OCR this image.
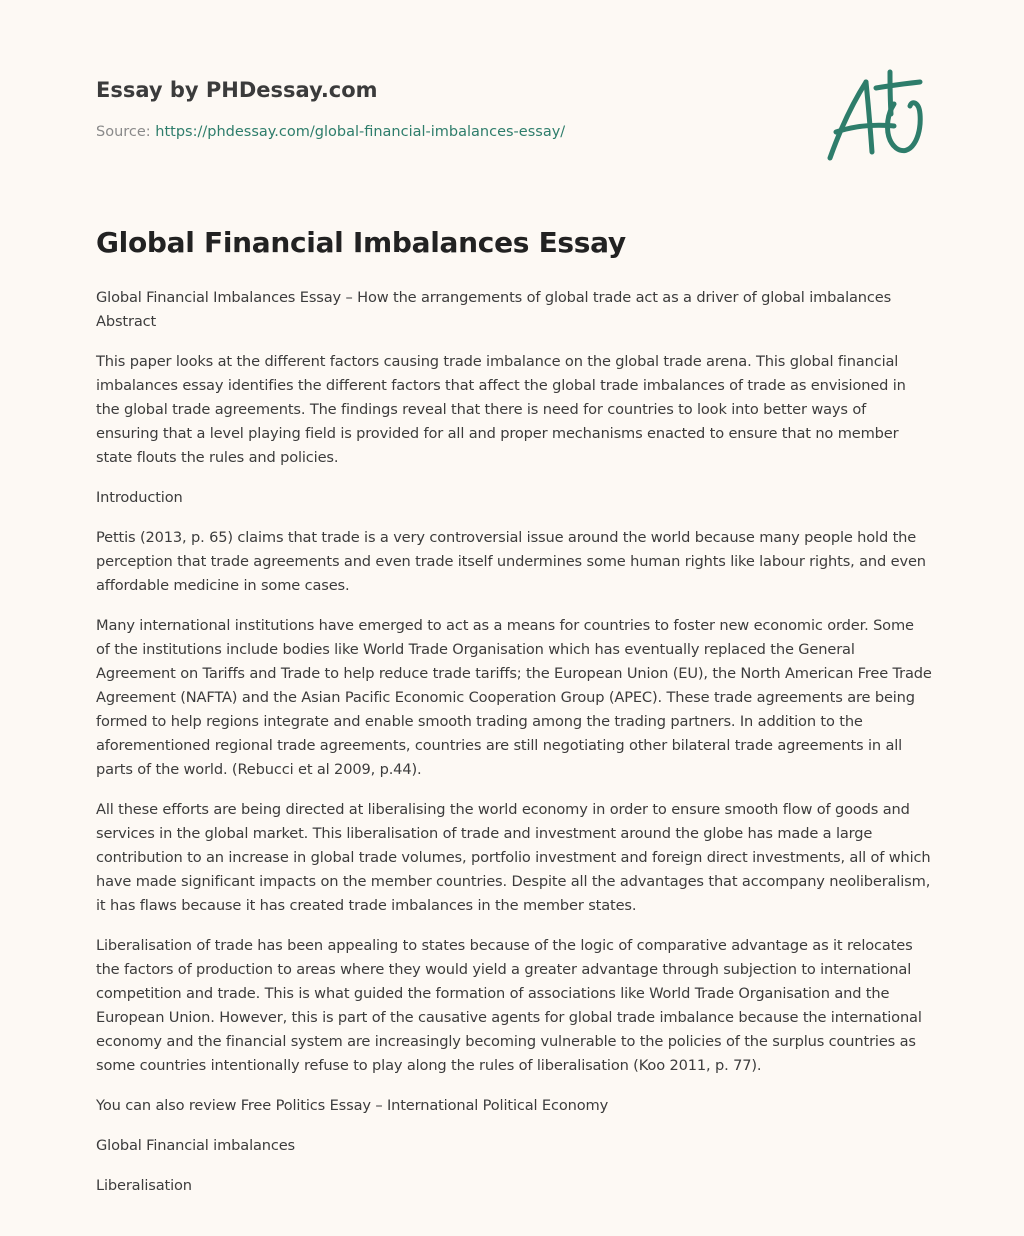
Essay by PHDessay.com
Source: https://phdessay.com/global-financial-imbalances-essay/
Global Financial Imbalances Essay

Global Financial Imbalances Essay – How the arrangements of global trade act as a driver of global imbalances Abstract

This paper looks at the different factors causing trade imbalance on the global trade arena. This global financial imbalances essay identifies the different factors that affect the global trade imbalances of trade as envisioned in the global trade agreements. The findings reveal that there is need for countries to look into better ways of ensuring that a level playing field is provided for all and proper mechanisms enacted to ensure that no member state flouts the rules and policies.

Introduction

Pettis (2013, p. 65) claims that trade is a very controversial issue around the world because many people hold the perception that trade agreements and even trade itself undermines some human rights like labour rights, and even affordable medicine in some cases.

Many international institutions have emerged to act as a means for countries to foster new economic order. Some of the institutions include bodies like World Trade Organisation which has eventually replaced the General Agreement on Tariffs and Trade to help reduce trade tariffs; the European Union (EU), the North American Free Trade Agreement (NAFTA) and the Asian Pacific Economic Cooperation Group (APEC). These trade agreements are being formed to help regions integrate and enable smooth trading among the trading partners. In addition to the aforementioned regional trade agreements, countries are still negotiating other bilateral trade agreements in all parts of the world. (Rebucci et al 2009, p.44).

All these efforts are being directed at liberalising the world economy in order to ensure smooth flow of goods and services in the global market. This liberalisation of trade and investment around the globe has made a large contribution to an increase in global trade volumes, portfolio investment and foreign direct investments, all of which have made significant impacts on the member countries. Despite all the advantages that accompany neoliberalism, it has flaws because it has created trade imbalances in the member states.

Liberalisation of trade has been appealing to states because of the logic of comparative advantage as it relocates the factors of production to areas where they would yield a greater advantage through subjection to international competition and trade. This is what guided the formation of associations like World Trade Organisation and the European Union. However, this is part of the causative agents for global trade imbalance because the international economy and the financial system are increasingly becoming vulnerable to the policies of the surplus countries as some countries intentionally refuse to play along the rules of liberalisation (Koo 2011, p. 77).

You can also review Free Politics Essay – International Political Economy

Global Financial imbalances

Liberalisation
